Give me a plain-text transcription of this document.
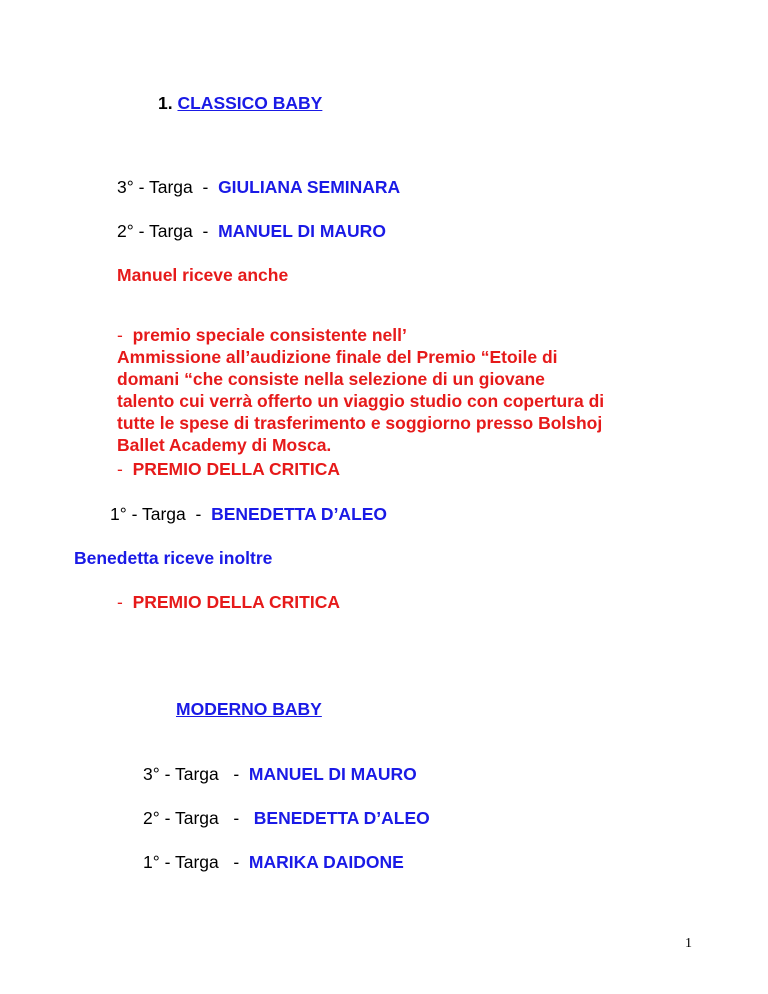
1. CLASSICO BABY
3° - Targa  -  GIULIANA SEMINARA
2° - Targa  -  MANUEL DI MAURO
Manuel riceve anche
- premio speciale consistente nell’
Ammissione all’audizione finale del Premio “Etoile di
domani “che consiste nella selezione di un giovane
talento cui verrà offerto un viaggio studio con copertura di
tutte le spese di trasferimento e soggiorno presso Bolshoj
Ballet Academy di Mosca.
- PREMIO DELLA CRITICA
1° - Targa  -  BENEDETTA D’ALEO
Benedetta riceve inoltre
- PREMIO DELLA CRITICA
MODERNO BABY
3° - Targa   -  MANUEL DI MAURO
2° - Targa   -   BENEDETTA D’ALEO
1° - Targa   -  MARIKA DAIDONE
1
